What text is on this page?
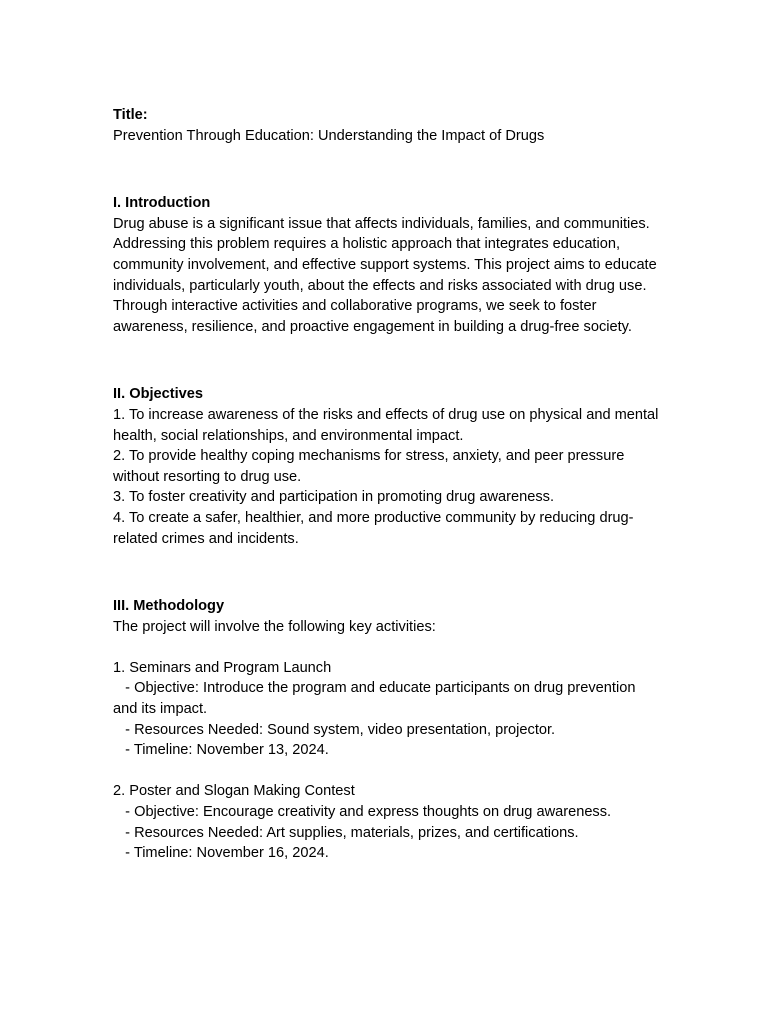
Title:
Prevention Through Education: Understanding the Impact of Drugs
I. Introduction
Drug abuse is a significant issue that affects individuals, families, and communities. Addressing this problem requires a holistic approach that integrates education, community involvement, and effective support systems. This project aims to educate individuals, particularly youth, about the effects and risks associated with drug use. Through interactive activities and collaborative programs, we seek to foster awareness, resilience, and proactive engagement in building a drug-free society.
II. Objectives
1. To increase awareness of the risks and effects of drug use on physical and mental health, social relationships, and environmental impact.
2. To provide healthy coping mechanisms for stress, anxiety, and peer pressure without resorting to drug use.
3. To foster creativity and participation in promoting drug awareness.
4. To create a safer, healthier, and more productive community by reducing drug-related crimes and incidents.
III. Methodology
The project will involve the following key activities:
1. Seminars and Program Launch
- Objective: Introduce the program and educate participants on drug prevention and its impact.
- Resources Needed: Sound system, video presentation, projector.
- Timeline: November 13, 2024.
2. Poster and Slogan Making Contest
- Objective: Encourage creativity and express thoughts on drug awareness.
- Resources Needed: Art supplies, materials, prizes, and certifications.
- Timeline: November 16, 2024.
